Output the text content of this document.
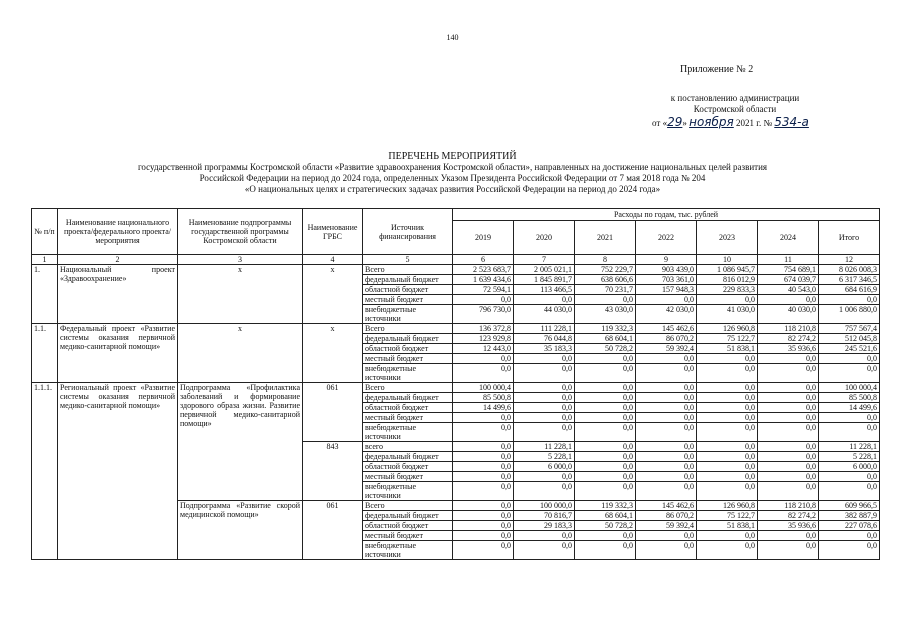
140
Приложение № 2
к постановлению администрации
Костромской области
от «29» ноября 2021 г. № 534-а
ПЕРЕЧЕНЬ МЕРОПРИЯТИЙ
государственной программы Костромской области «Развитие здравоохранения Костромской области», направленных на достижение национальных целей развития
Российской Федерации на период до 2024 года, определенных Указом Президента Российской Федерации от 7 мая 2018 года № 204
«О национальных целях и стратегических задачах развития Российской Федерации на период до 2024 года»
№ п/п	Наименование национального проекта/федерального проекта/мероприятия	Наименование подпрограммы государственной программы Костромской области	Наименование ГРБС	Источник финансирования	Расходы по годам, тыс. рублей						
					2019	2020	2021	2022	2023	2024	Итого
1	2	3	4	5	6	7	8	9	10	11	12
1.	Национальный проект «Здравоохранение»	х	х	Всего	2 523 683,7	2 005 021,1	752 229,7	903 439,0	1 086 945,7	754 689,1	8 026 008,3
				федеральный бюджет	1 639 434,6	1 845 891,7	638 606,6	703 361,0	816 012,9	674 039,7	6 317 346,5
				областной бюджет	72 594,1	113 466,5	70 231,7	157 948,3	229 833,3	40 543,0	684 616,9
				местный бюджет	0,0	0,0	0,0	0,0	0,0	0,0	0,0
				внебюджетные источники	796 730,0	44 030,0	43 030,0	42 030,0	41 030,0	40 030,0	1 006 880,0
1.1.	Федеральный проект «Развитие системы оказания первичной медико-санитарной помощи»	х	х	Всего	136 372,8	111 228,1	119 332,3	145 462,6	126 960,8	118 210,8	757 567,4
				федеральный бюджет	123 929,8	76 044,8	68 604,1	86 070,2	75 122,7	82 274,2	512 045,8
				областной бюджет	12 443,0	35 183,3	50 728,2	59 392,4	51 838,1	35 936,6	245 521,6
				местный бюджет	0,0	0,0	0,0	0,0	0,0	0,0	0,0
				внебюджетные источники	0,0	0,0	0,0	0,0	0,0	0,0	0,0
1.1.1.	Региональный проект «Развитие системы оказания первичной медико-санитарной помощи»	Подпрограмма «Профилактика заболеваний и формирование здорового образа жизни. Развитие первичной медико-санитарной помощи»	061	Всего	100 000,4	0,0	0,0	0,0	0,0	0,0	100 000,4
				федеральный бюджет	85 500,8	0,0	0,0	0,0	0,0	0,0	85 500,8
				областной бюджет	14 499,6	0,0	0,0	0,0	0,0	0,0	14 499,6
				местный бюджет	0,0	0,0	0,0	0,0	0,0	0,0	0,0
				внебюджетные источники	0,0	0,0	0,0	0,0	0,0	0,0	0,0
			843	всего	0,0	11 228,1	0,0	0,0	0,0	0,0	11 228,1
				федеральный бюджет	0,0	5 228,1	0,0	0,0	0,0	0,0	5 228,1
				областной бюджет	0,0	6 000,0	0,0	0,0	0,0	0,0	6 000,0
				местный бюджет	0,0	0,0	0,0	0,0	0,0	0,0	0,0
				внебюджетные источники	0,0	0,0	0,0	0,0	0,0	0,0	0,0
		Подпрограмма «Развитие скорой медицинской помощи»	061	Всего	0,0	100 000,0	119 332,3	145 462,6	126 960,8	118 210,8	609 966,5
				федеральный бюджет	0,0	70 816,7	68 604,1	86 070,2	75 122,7	82 274,2	382 887,9
				областной бюджет	0,0	29 183,3	50 728,2	59 392,4	51 838,1	35 936,6	227 078,6
				местный бюджет	0,0	0,0	0,0	0,0	0,0	0,0	0,0
				внебюджетные источники	0,0	0,0	0,0	0,0	0,0	0,0	0,0
